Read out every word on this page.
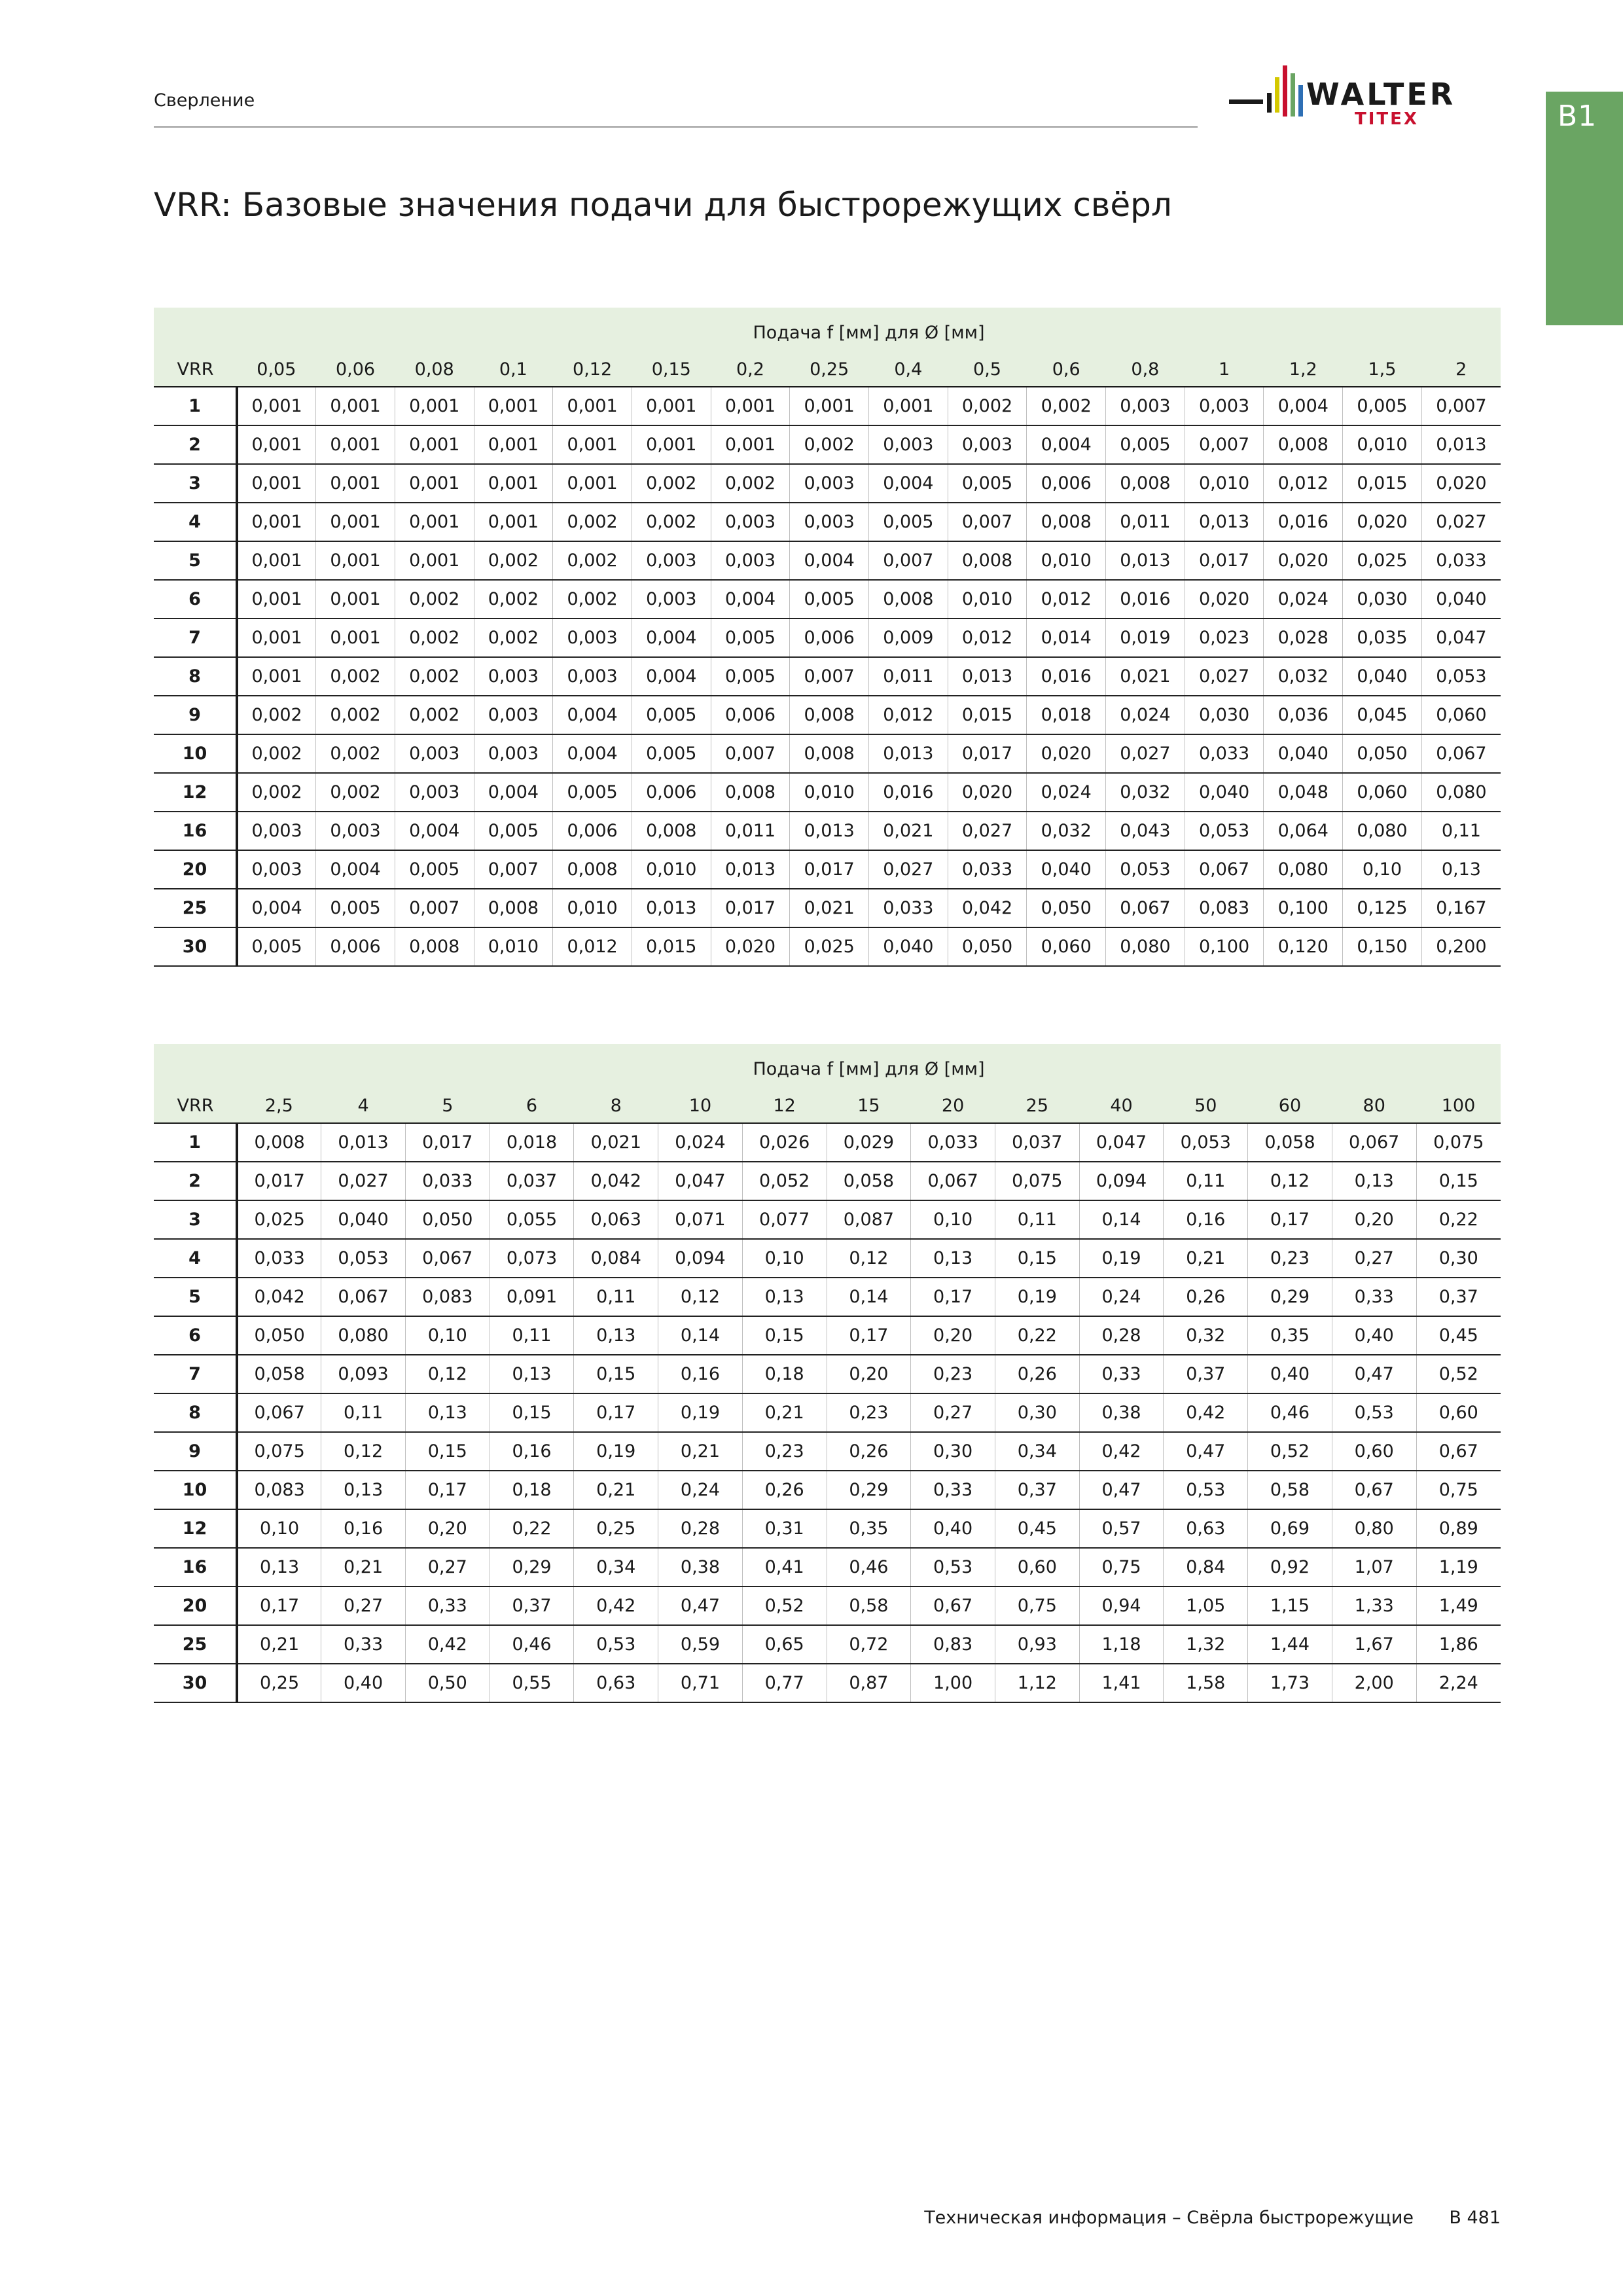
Сверление	WALTER
TITEX	B1
VRR: Базовые значения подачи для быстрорежущих свёрл
	Подача f [мм] для Ø [мм]															
VRR	0,05	0,06	0,08	0,1	0,12	0,15	0,2	0,25	0,4	0,5	0,6	0,8	1	1,2	1,5	2
1	0,001	0,001	0,001	0,001	0,001	0,001	0,001	0,001	0,001	0,002	0,002	0,003	0,003	0,004	0,005	0,007
2	0,001	0,001	0,001	0,001	0,001	0,001	0,001	0,002	0,003	0,003	0,004	0,005	0,007	0,008	0,010	0,013
3	0,001	0,001	0,001	0,001	0,001	0,002	0,002	0,003	0,004	0,005	0,006	0,008	0,010	0,012	0,015	0,020
4	0,001	0,001	0,001	0,001	0,002	0,002	0,003	0,003	0,005	0,007	0,008	0,011	0,013	0,016	0,020	0,027
5	0,001	0,001	0,001	0,002	0,002	0,003	0,003	0,004	0,007	0,008	0,010	0,013	0,017	0,020	0,025	0,033
6	0,001	0,001	0,002	0,002	0,002	0,003	0,004	0,005	0,008	0,010	0,012	0,016	0,020	0,024	0,030	0,040
7	0,001	0,001	0,002	0,002	0,003	0,004	0,005	0,006	0,009	0,012	0,014	0,019	0,023	0,028	0,035	0,047
8	0,001	0,002	0,002	0,003	0,003	0,004	0,005	0,007	0,011	0,013	0,016	0,021	0,027	0,032	0,040	0,053
9	0,002	0,002	0,002	0,003	0,004	0,005	0,006	0,008	0,012	0,015	0,018	0,024	0,030	0,036	0,045	0,060
10	0,002	0,002	0,003	0,003	0,004	0,005	0,007	0,008	0,013	0,017	0,020	0,027	0,033	0,040	0,050	0,067
12	0,002	0,002	0,003	0,004	0,005	0,006	0,008	0,010	0,016	0,020	0,024	0,032	0,040	0,048	0,060	0,080
16	0,003	0,003	0,004	0,005	0,006	0,008	0,011	0,013	0,021	0,027	0,032	0,043	0,053	0,064	0,080	0,11
20	0,003	0,004	0,005	0,007	0,008	0,010	0,013	0,017	0,027	0,033	0,040	0,053	0,067	0,080	0,10	0,13
25	0,004	0,005	0,007	0,008	0,010	0,013	0,017	0,021	0,033	0,042	0,050	0,067	0,083	0,100	0,125	0,167
30	0,005	0,006	0,008	0,010	0,012	0,015	0,020	0,025	0,040	0,050	0,060	0,080	0,100	0,120	0,150	0,200
	Подача f [мм] для Ø [мм]														
VRR	2,5	4	5	6	8	10	12	15	20	25	40	50	60	80	100
1	0,008	0,013	0,017	0,018	0,021	0,024	0,026	0,029	0,033	0,037	0,047	0,053	0,058	0,067	0,075
2	0,017	0,027	0,033	0,037	0,042	0,047	0,052	0,058	0,067	0,075	0,094	0,11	0,12	0,13	0,15
3	0,025	0,040	0,050	0,055	0,063	0,071	0,077	0,087	0,10	0,11	0,14	0,16	0,17	0,20	0,22
4	0,033	0,053	0,067	0,073	0,084	0,094	0,10	0,12	0,13	0,15	0,19	0,21	0,23	0,27	0,30
5	0,042	0,067	0,083	0,091	0,11	0,12	0,13	0,14	0,17	0,19	0,24	0,26	0,29	0,33	0,37
6	0,050	0,080	0,10	0,11	0,13	0,14	0,15	0,17	0,20	0,22	0,28	0,32	0,35	0,40	0,45
7	0,058	0,093	0,12	0,13	0,15	0,16	0,18	0,20	0,23	0,26	0,33	0,37	0,40	0,47	0,52
8	0,067	0,11	0,13	0,15	0,17	0,19	0,21	0,23	0,27	0,30	0,38	0,42	0,46	0,53	0,60
9	0,075	0,12	0,15	0,16	0,19	0,21	0,23	0,26	0,30	0,34	0,42	0,47	0,52	0,60	0,67
10	0,083	0,13	0,17	0,18	0,21	0,24	0,26	0,29	0,33	0,37	0,47	0,53	0,58	0,67	0,75
12	0,10	0,16	0,20	0,22	0,25	0,28	0,31	0,35	0,40	0,45	0,57	0,63	0,69	0,80	0,89
16	0,13	0,21	0,27	0,29	0,34	0,38	0,41	0,46	0,53	0,60	0,75	0,84	0,92	1,07	1,19
20	0,17	0,27	0,33	0,37	0,42	0,47	0,52	0,58	0,67	0,75	0,94	1,05	1,15	1,33	1,49
25	0,21	0,33	0,42	0,46	0,53	0,59	0,65	0,72	0,83	0,93	1,18	1,32	1,44	1,67	1,86
30	0,25	0,40	0,50	0,55	0,63	0,71	0,77	0,87	1,00	1,12	1,41	1,58	1,73	2,00	2,24
Техническая информация – Свёрла быстрорежущие B 481
